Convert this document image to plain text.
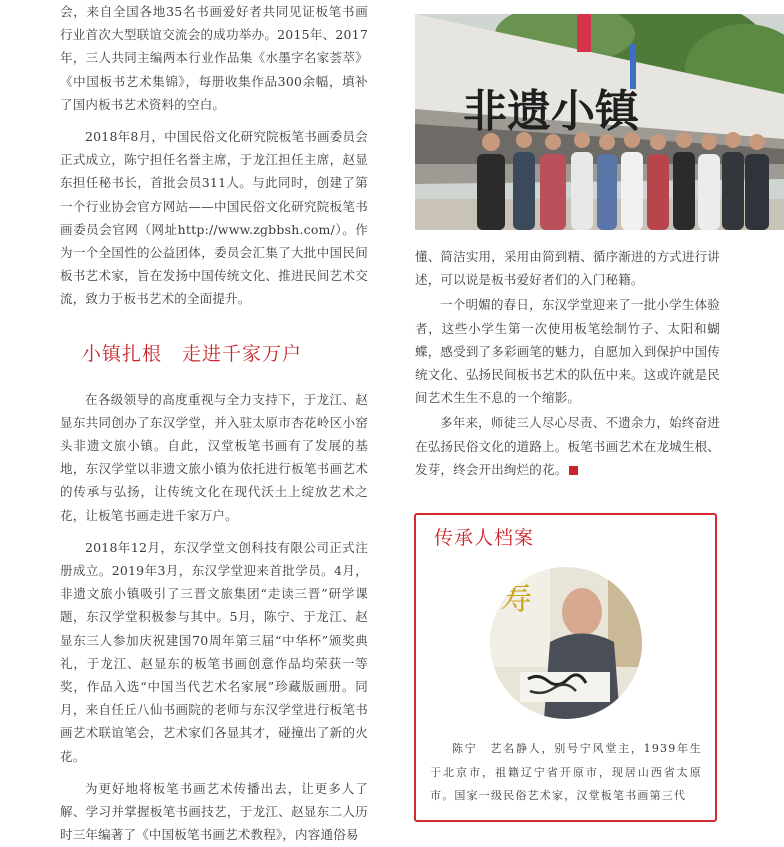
会，来自全国各地35名书画爱好者共同见证板笔书画行业首次大型联谊交流会的成功举办。2015年、2017年，三人共同主编两本行业作品集《水墨字名家荟萃》《中国板书艺术集锦》，每册收集作品300余幅，填补了国内板书艺术资料的空白。

2018年8月，中国民俗文化研究院板笔书画委员会正式成立，陈宁担任名誉主席，于龙江担任主席，赵显东担任秘书长，首批会员311人。与此同时，创建了第一个行业协会官方网站——中国民俗文化研究院板笔书画委员会官网（网址http://www.zgbbsh.com/）。作为一个全国性的公益团体，委员会汇集了大批中国民间板书艺术家，旨在发扬中国传统文化、推进民间艺术交流，致力于板书艺术的全面提升。

小镇扎根　走进千家万户

在各级领导的高度重视与全力支持下，于龙江、赵显东共同创办了东汉学堂，并入驻太原市杏花岭区小窑头非遗文旅小镇。自此，汉堂板笔书画有了发展的基地，东汉学堂以非遗文旅小镇为依托进行板笔书画艺术的传承与弘扬，让传统文化在现代沃土上绽放艺术之花，让板笔书画走进千家万户。

2018年12月，东汉学堂文创科技有限公司正式注册成立。2019年3月，东汉学堂迎来首批学员。4月，非遗文旅小镇吸引了三晋文旅集团“走读三晋”研学课题，东汉学堂积极参与其中。5月，陈宁、于龙江、赵显东三人参加庆祝建国70周年第三届“中华杯”颁奖典礼，于龙江、赵显东的板笔书画创意作品均荣获一等奖，作品入选“中国当代艺术名家展”珍藏版画册。同月，来自任丘八仙书画院的老师与东汉学堂进行板笔书画艺术联谊笔会，艺术家们各显其才，碰撞出了新的火花。

为更好地将板笔书画艺术传播出去，让更多人了解、学习并掌握板笔书画技艺，于龙江、赵显东二人历时三年编著了《中国板笔书画艺术教程》，内容通俗易

非遗小镇

懂、简洁实用，采用由简到精、循序渐进的方式进行讲述，可以说是板书爱好者们的入门秘籍。

一个明媚的春日，东汉学堂迎来了一批小学生体验者，这些小学生第一次使用板笔绘制竹子、太阳和蝴蝶，感受到了多彩画笔的魅力，自愿加入到保护中国传统文化、弘扬民间板书艺术的队伍中来。这或许就是民间艺术生生不息的一个缩影。

多年来，师徒三人尽心尽责、不遗余力，始终奋进在弘扬民俗文化的道路上。板笔书画艺术在龙城生根、发芽，终会开出绚烂的花。

传承人档案
寿
陈宁　艺名静人，别号宁风堂主，1939年生于北京市，祖籍辽宁省开原市，现居山西省太原市。国家一级民俗艺术家，汉堂板笔书画第三代
